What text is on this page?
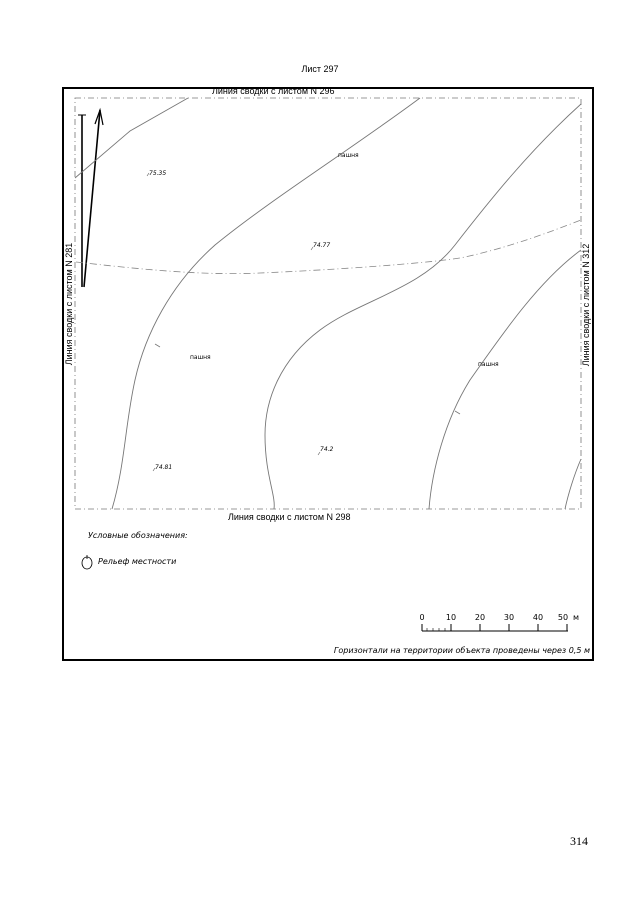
Лист 297
Линия сводки с листом N 296
Линия сводки с листом N 298
Линия сводки с листом N 281	Линия сводки с листом N 312
75.35
74.77
74.2
74.81
пашня
пашня
пашня
Условные обозначения:
Рельеф местности
0	10 20 30 40 50 м
Горизонтали на территории объекта проведены через 0,5 м
314
